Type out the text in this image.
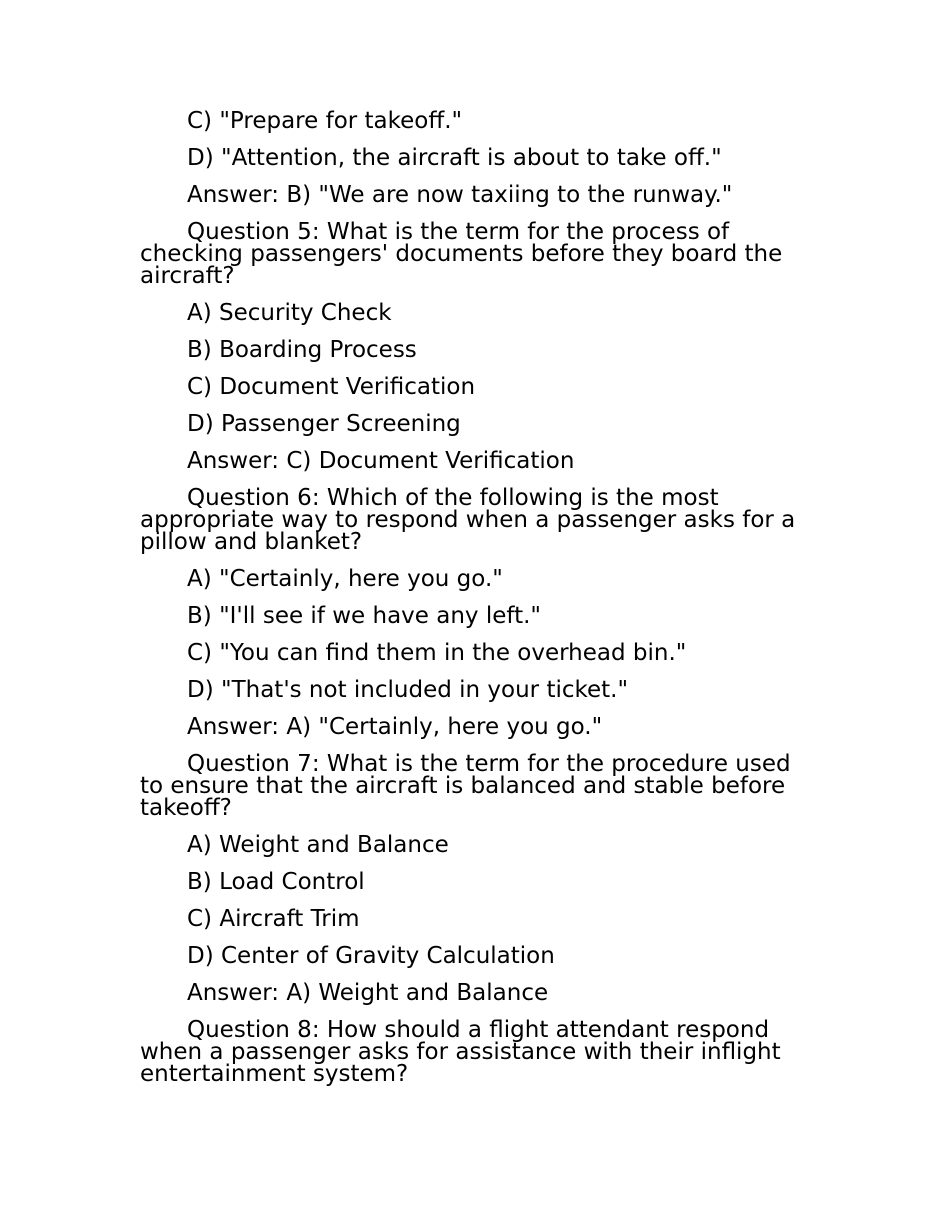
C) "Prepare for takeoff."

D) "Attention, the aircraft is about to take off."

Answer: B) "We are now taxiing to the runway."

Question 5: What is the term for the process of checking passengers' documents before they board the aircraft?

A) Security Check

B) Boarding Process

C) Document Verification

D) Passenger Screening

Answer: C) Document Verification

Question 6: Which of the following is the most appropriate way to respond when a passenger asks for a pillow and blanket?

A) "Certainly, here you go."

B) "I'll see if we have any left."

C) "You can find them in the overhead bin."

D) "That's not included in your ticket."

Answer: A) "Certainly, here you go."

Question 7: What is the term for the procedure used to ensure that the aircraft is balanced and stable before takeoff?

A) Weight and Balance

B) Load Control

C) Aircraft Trim

D) Center of Gravity Calculation

Answer: A) Weight and Balance

Question 8: How should a flight attendant respond when a passenger asks for assistance with their inflight entertainment system?
